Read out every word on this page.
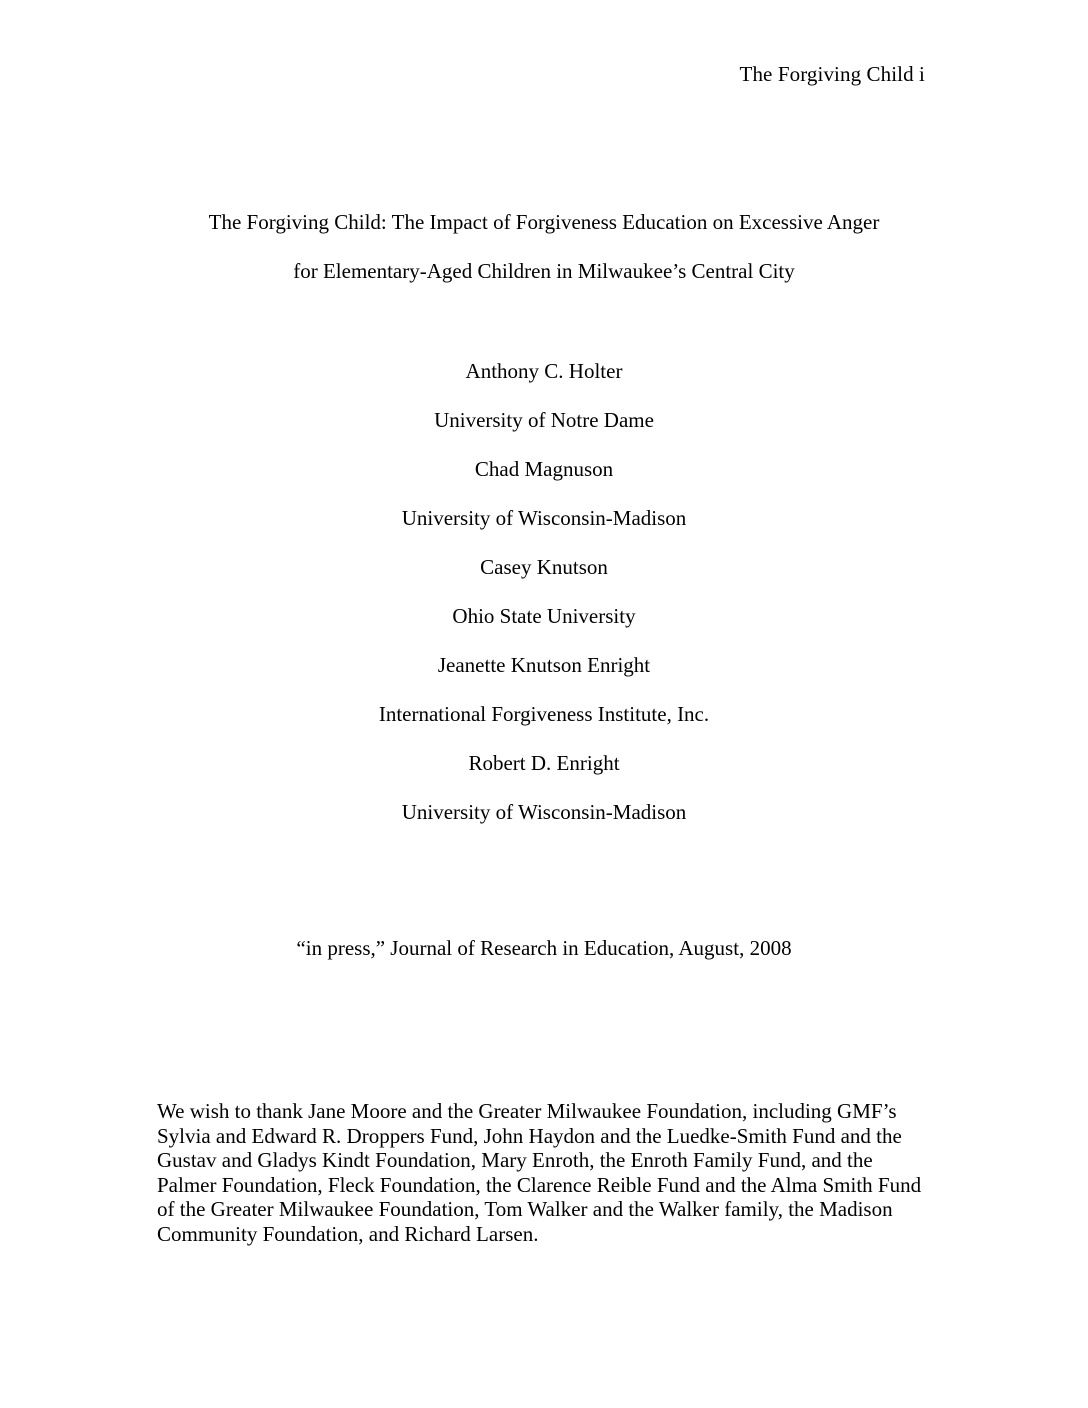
The Forgiving Child i
The Forgiving Child: The Impact of Forgiveness Education on Excessive Anger
for Elementary-Aged Children in Milwaukee’s Central City
Anthony C. Holter
University of Notre Dame
Chad Magnuson
University of Wisconsin-Madison
Casey Knutson
Ohio State University
Jeanette Knutson Enright
International Forgiveness Institute, Inc.
Robert D. Enright
University of Wisconsin-Madison
“in press,” Journal of Research in Education, August, 2008

We wish to thank Jane Moore and the Greater Milwaukee Foundation, including GMF’s Sylvia and Edward R. Droppers Fund, John Haydon and the Luedke-Smith Fund and the Gustav and Gladys Kindt Foundation, Mary Enroth, the Enroth Family Fund, and the Palmer Foundation, Fleck Foundation, the Clarence Reible Fund and the Alma Smith Fund of the Greater Milwaukee Foundation, Tom Walker and the Walker family, the Madison Community Foundation, and Richard Larsen.
